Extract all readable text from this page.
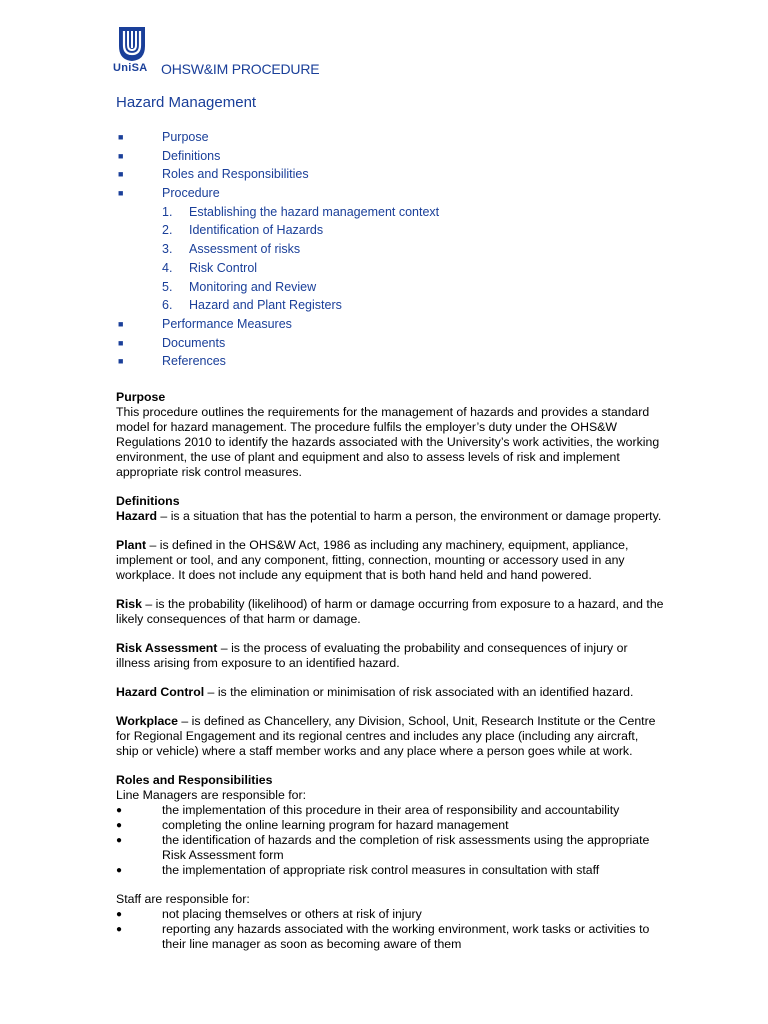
UniSA OHSW&IM PROCEDURE
Hazard Management
■	Purpose
■	Definitions
■	Roles and Responsibilities
■	Procedure
1. Establishing the hazard management context
2. Identification of Hazards
3. Assessment of risks
4. Risk Control
5. Monitoring and Review
6. Hazard and Plant Registers
■	Performance Measures
■	Documents
■	References

Purpose

This procedure outlines the requirements for the management of hazards and provides a standard model for hazard management. The procedure fulfils the employer’s duty under the OHS&W Regulations 2010 to identify the hazards associated with the University’s work activities, the working environment, the use of plant and equipment and also to assess levels of risk and implement appropriate risk control measures.

Definitions

Hazard – is a situation that has the potential to harm a person, the environment or damage property.

Plant – is defined in the OHS&W Act, 1986 as including any machinery, equipment, appliance, implement or tool, and any component, fitting, connection, mounting or accessory used in any workplace. It does not include any equipment that is both hand held and hand powered.

Risk – is the probability (likelihood) of harm or damage occurring from exposure to a hazard, and the likely consequences of that harm or damage.

Risk Assessment – is the process of evaluating the probability and consequences of injury or illness arising from exposure to an identified hazard.

Hazard Control – is the elimination or minimisation of risk associated with an identified hazard.

Workplace – is defined as Chancellery, any Division, School, Unit, Research Institute or the Centre for Regional Engagement and its regional centres and includes any place (including any aircraft, ship or vehicle) where a staff member works and any place where a person goes while at work.

Roles and Responsibilities

Line Managers are responsible for:

●	the implementation of this procedure in their area of responsibility and accountability
●	completing the online learning program for hazard management
●	the identification of hazards and the completion of risk assessments using the appropriate Risk Assessment form
●	the implementation of appropriate risk control measures in consultation with staff

Staff are responsible for:

●	not placing themselves or others at risk of injury
●	reporting any hazards associated with the working environment, work tasks or activities to their line manager as soon as becoming aware of them
